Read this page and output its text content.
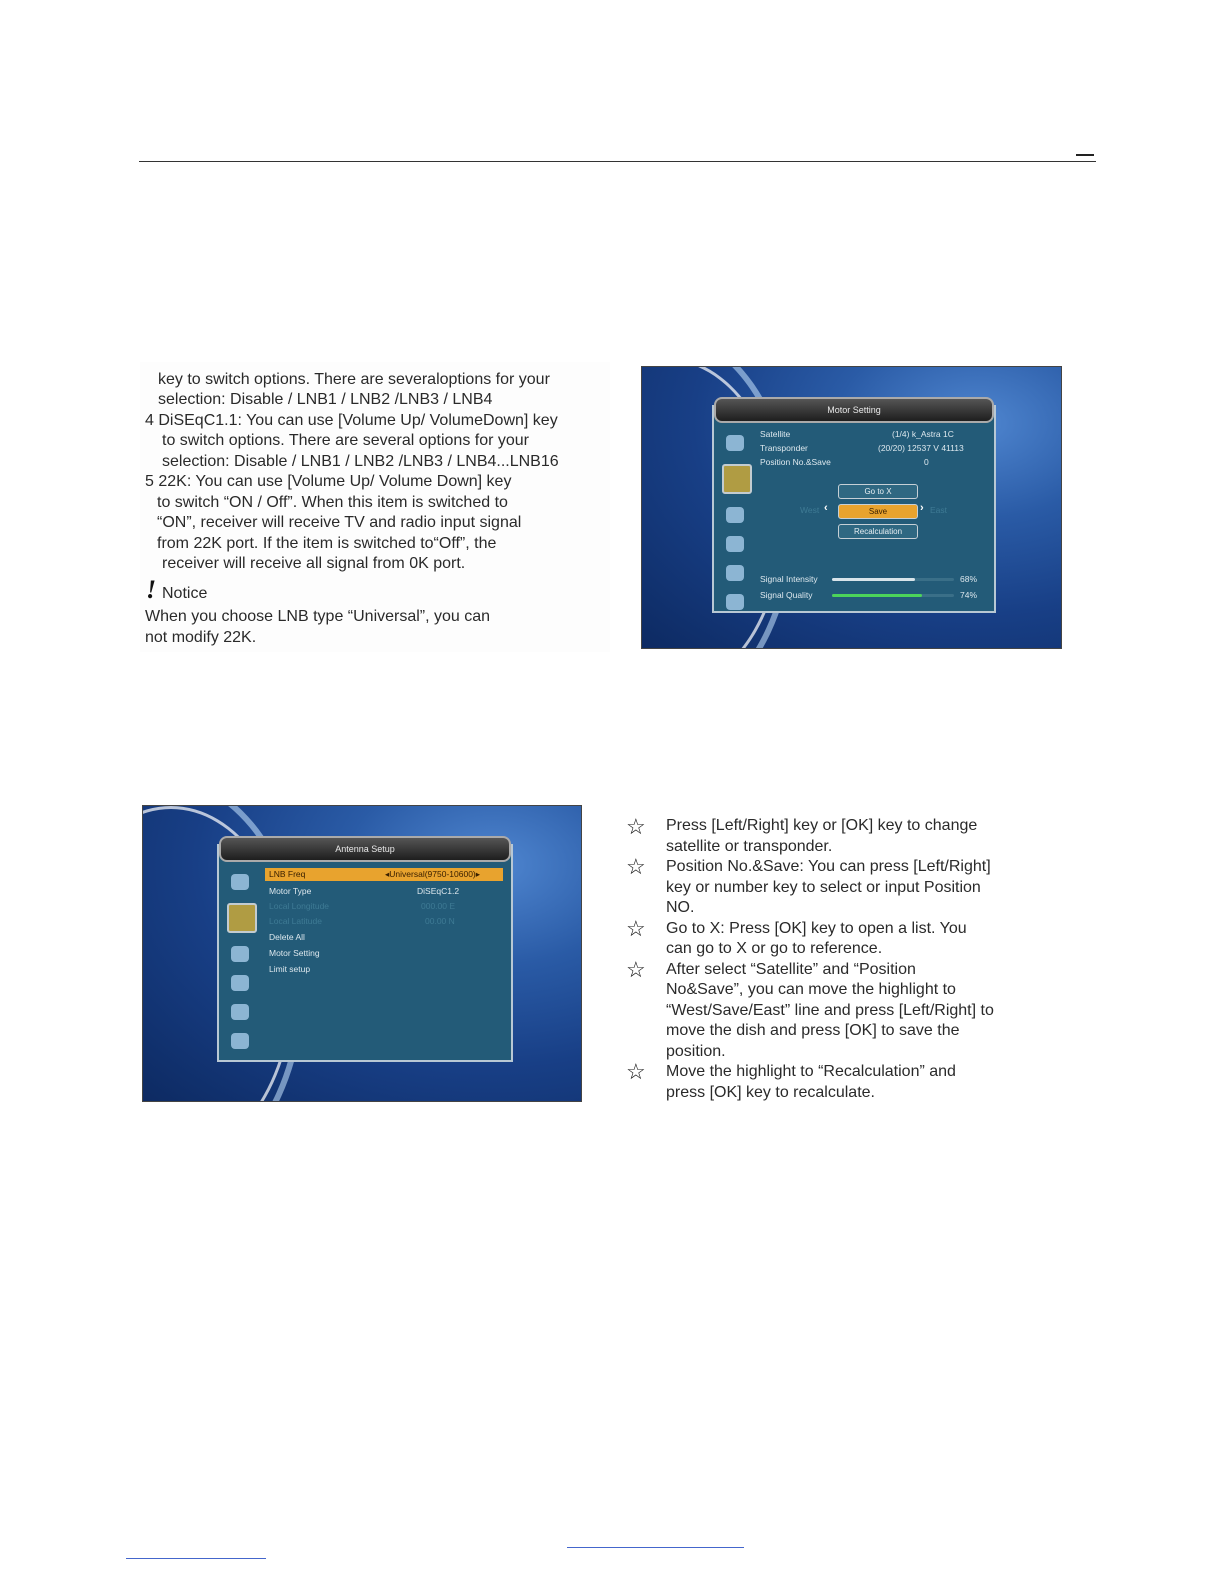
key to switch options. There are severaloptions for your
selection: Disable / LNB1 / LNB2 /LNB3 / LNB4
4 DiSEqC1.1: You can use [Volume Up/ VolumeDown] key
to switch options. There are several options for your
selection: Disable / LNB1 / LNB2 /LNB3 / LNB4...LNB16
5 22K: You can use [Volume Up/ Volume Down] key
to switch “ON / Off”. When this item is switched to
“ON”, receiver will receive TV and radio input signal
from 22K port. If the item is switched to“Off”, the
receiver will receive all signal from 0K port.
! Notice
When you choose LNB type “Universal”, you can
not modify 22K.
Motor Setting
Satellite	(1/4) k_Astra 1C
Transponder	(20/20) 12537 V 41113
Position No.&Save	0
Go to X
West ‹	Save	› East
Recalculation
Signal Intensity	68%
Signal Quality	74%
Antenna Setup
LNB Freq	◂Universal(9750-10600)▸
Motor Type	DiSEqC1.2
Local Longitude	000.00 E
Local Latitude	00.00 N
Delete All
Motor Setting
Limit setup
☆ Press [Left/Right] key or [OK] key to change
satellite or transponder.
☆ Position No.&Save: You can press [Left/Right]
key or number key to select or input Position
NO.
☆ Go to X: Press [OK] key to open a list. You
can go to X or go to reference.
☆ After select “Satellite” and “Position
No&Save”, you can move the highlight to
“West/Save/East” line and press [Left/Right] to
move the dish and press [OK] to save the
position.
☆ Move the highlight to “Recalculation” and
press [OK] key to recalculate.
